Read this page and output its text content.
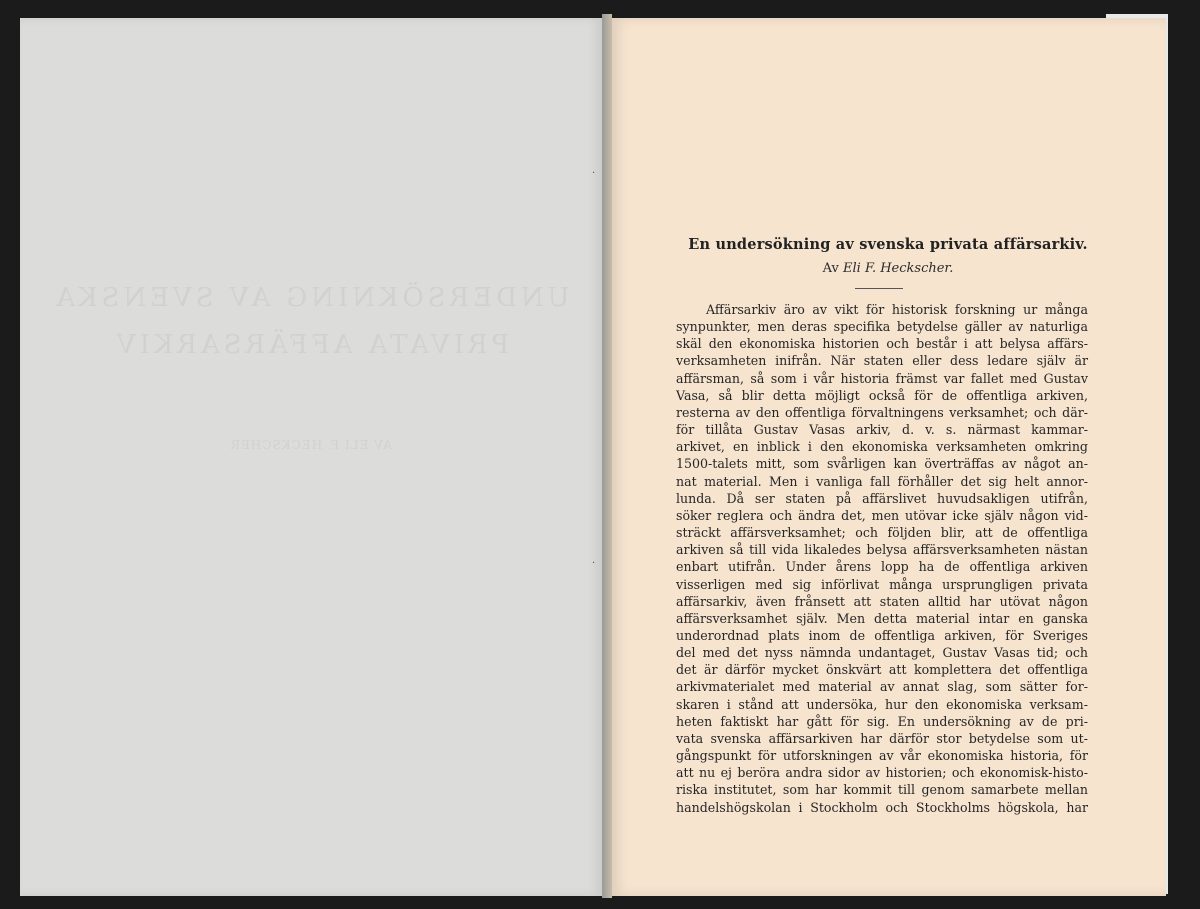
UNDERSÖKNING AV SVENSKA
PRIVATA AFFÄRSARKIV
AV ELI F. HECKSCHER
·
·
En undersökning av svenska privata affärsarkiv.
Av Eli F. Heckscher.
Affärsarkiv äro av vikt för historisk forskning ur många
synpunkter, men deras specifika betydelse gäller av naturliga
skäl den ekonomiska historien och består i att belysa affärs-
verksamheten inifrån. När staten eller dess ledare själv är
affärsman, så som i vår historia främst var fallet med Gustav
Vasa, så blir detta möjligt också för de offentliga arkiven,
resterna av den offentliga förvaltningens verksamhet; och där-
för tillåta Gustav Vasas arkiv, d. v. s. närmast kammar-
arkivet, en inblick i den ekonomiska verksamheten omkring
1500-talets mitt, som svårligen kan överträffas av något an-
nat material. Men i vanliga fall förhåller det sig helt annor-
lunda. Då ser staten på affärslivet huvudsakligen utifrån,
söker reglera och ändra det, men utövar icke själv någon vid-
sträckt affärsverksamhet; och följden blir, att de offentliga
arkiven så till vida likaledes belysa affärsverksamheten nästan
enbart utifrån. Under årens lopp ha de offentliga arkiven
visserligen med sig införlivat många ursprungligen privata
affärsarkiv, även frånsett att staten alltid har utövat någon
affärsverksamhet själv. Men detta material intar en ganska
underordnad plats inom de offentliga arkiven, för Sveriges
del med det nyss nämnda undantaget, Gustav Vasas tid; och
det är därför mycket önskvärt att komplettera det offentliga
arkivmaterialet med material av annat slag, som sätter for-
skaren i stånd att undersöka, hur den ekonomiska verksam-
heten faktiskt har gått för sig. En undersökning av de pri-
vata svenska affärsarkiven har därför stor betydelse som ut-
gångspunkt för utforskningen av vår ekonomiska historia, för
att nu ej beröra andra sidor av historien; och ekonomisk-histo-
riska institutet, som har kommit till genom samarbete mellan
handelshögskolan i Stockholm och Stockholms högskola, har
